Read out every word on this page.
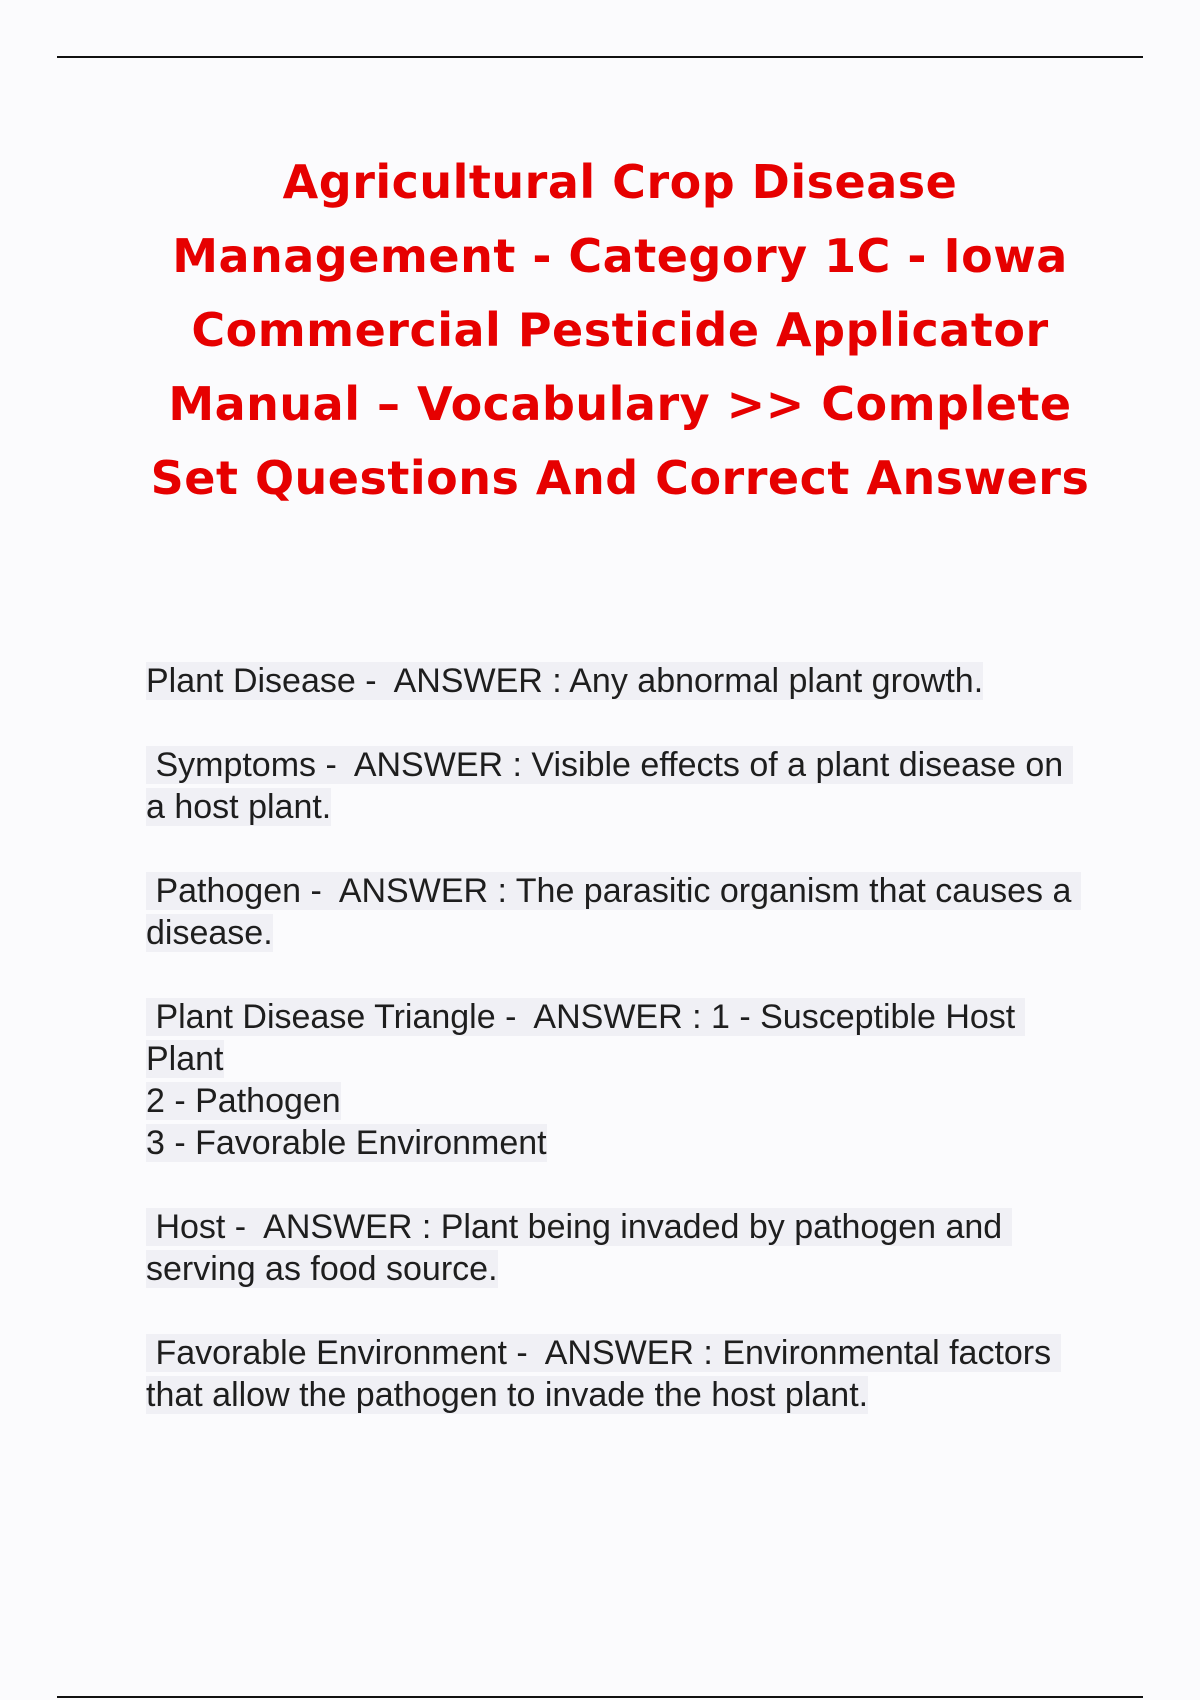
Agricultural Crop Disease Management - Category 1C - Iowa Commercial Pesticide Applicator Manual – Vocabulary >> Complete Set Questions And Correct Answers
Plant Disease -  ANSWER : Any abnormal plant growth.
Symptoms -  ANSWER : Visible effects of a plant disease on a host plant.
Pathogen -  ANSWER : The parasitic organism that causes a disease.
Plant Disease Triangle -  ANSWER : 1 - Susceptible Host Plant
2 - Pathogen
3 - Favorable Environment
Host -  ANSWER : Plant being invaded by pathogen and serving as food source.
Favorable Environment -  ANSWER : Environmental factors that allow the pathogen to invade the host plant.
